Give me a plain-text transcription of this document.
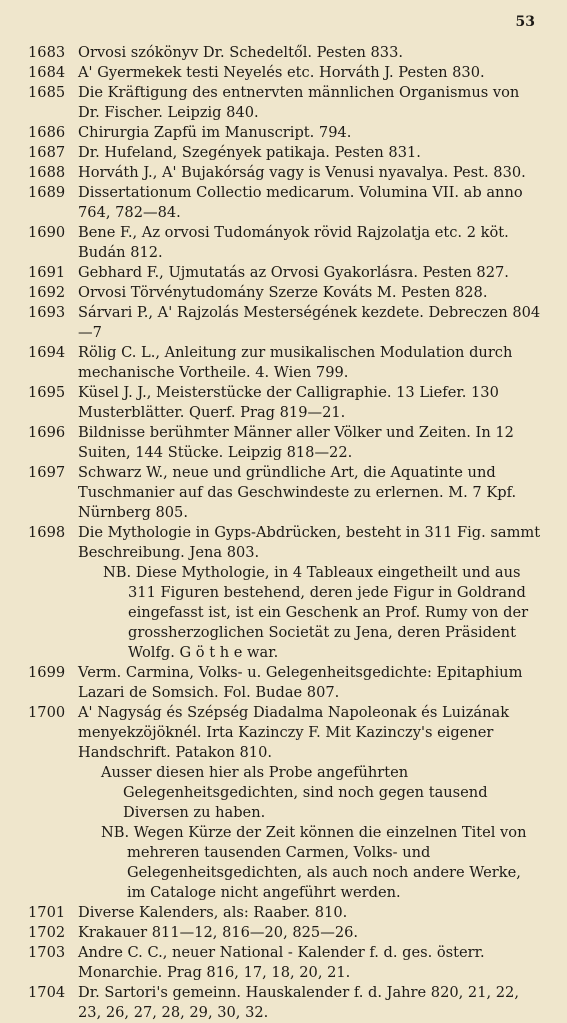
53
1683 Orvosi szókönyv Dr. Schedeltől. Pesten 833.
1684 A' Gyermekek testi Neyelés etc. Horváth J. Pesten 830.
1685 Die Kräftigung des entnervten männlichen Organismus von Dr. Fischer. Leipzig 840.
1686 Chirurgia Zapfü im Manuscript. 794.
1687 Dr. Hufeland, Szegények patikaja. Pesten 831.
1688 Horváth J., A' Bujakórság vagy is Venusi nyavalya. Pest. 830.
1689 Dissertationum Collectio medicarum. Volumina VII. ab anno 764, 782—84.
1690 Bene F., Az orvosi Tudományok rövid Rajzolatja etc. 2 köt. Budán 812.
1691 Gebhard F., Ujmutatás az Orvosi Gyakorlásra. Pesten 827.
1692 Orvosi Törvénytudomány Szerze Kováts M. Pesten 828.
1693 Sárvari P., A' Rajzolás Mesterségének kezdete. Debreczen 804—7
1694 Rölig C. L., Anleitung zur musikalischen Modulation durch mechanische Vortheile. 4. Wien 799.
1695 Küsel J. J., Meisterstücke der Calligraphie. 13 Liefer. 130 Musterblätter. Querf. Prag 819—21.
1696 Bildnisse berühmter Männer aller Völker und Zeiten. In 12 Suiten, 144 Stücke. Leipzig 818—22.
1697 Schwarz W., neue und gründliche Art, die Aquatinte und Tuschmanier auf das Geschwindeste zu erlernen. M. 7 Kpf. Nürnberg 805.
1698 Die Mythologie in Gyps-Abdrücken, besteht in 311 Fig. sammt Beschreibung. Jena 803.
NB. Diese Mythologie, in 4 Tableaux eingetheilt und aus 311 Figuren bestehend, deren jede Figur in Goldrand eingefasst ist, ist ein Geschenk an Prof. Rumy von der grossherzoglichen Societät zu Jena, deren Präsident Wolfg. G ö t h e war.
1699 Verm. Carmina, Volks- u. Gelegenheitsgedichte: Epitaphium Lazari de Somsich. Fol. Budae 807.
1700 A' Nagyság és Szépség Diadalma Napoleonak és Luizának menyekzöjöknél. Irta Kazinczy F. Mit Kazinczy's eigener Handschrift. Patakon 810.
Ausser diesen hier als Probe angeführten Gelegenheitsgedichten, sind noch gegen tausend Diversen zu haben.
NB. Wegen Kürze der Zeit können die einzelnen Titel von mehreren tausenden Carmen, Volks- und Gelegenheitsgedichten, als auch noch andere Werke, im Cataloge nicht angeführt werden.
1701 Diverse Kalenders, als: Raaber. 810.
1702 Krakauer 811—12, 816—20, 825—26.
1703 Andre C. C., neuer National - Kalender f. d. ges. österr. Monarchie. Prag 816, 17, 18, 20, 21.
1704 Dr. Sartori's gemeinn. Hauskalender f. d. Jahre 820, 21, 22, 23, 26, 27, 28, 29, 30, 32.
